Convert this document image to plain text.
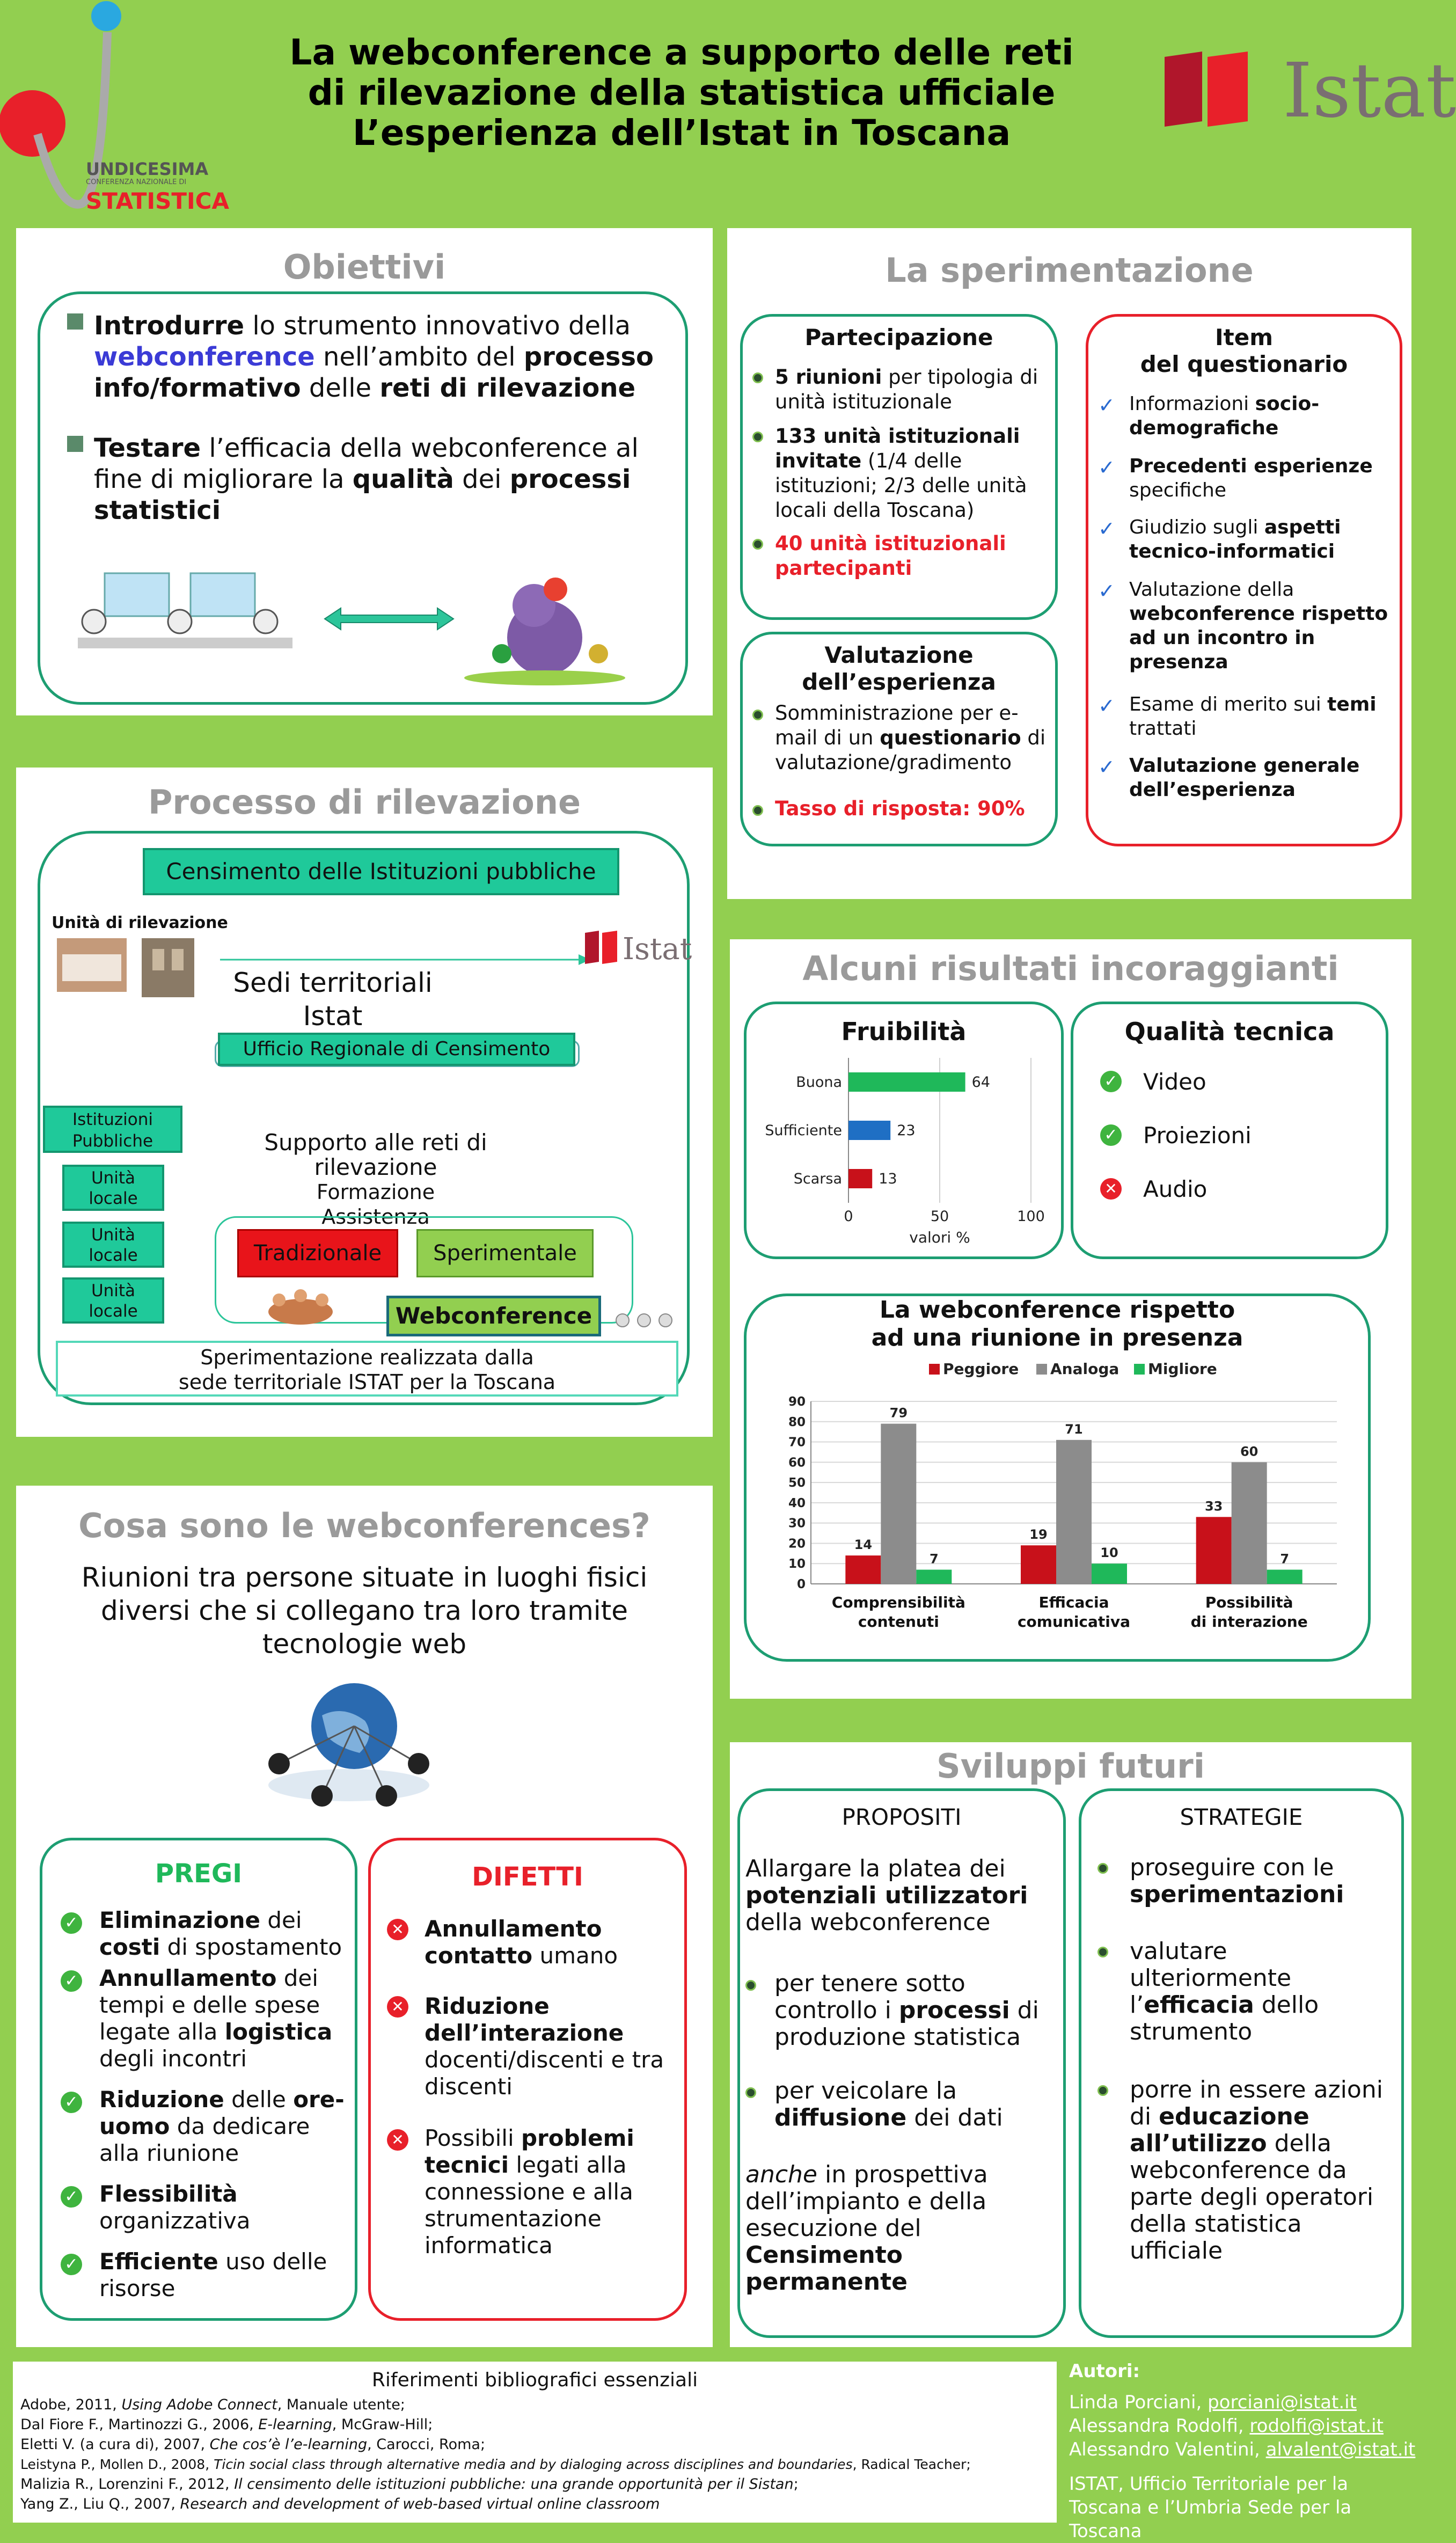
UNDICESIMA
CONFERENZA NAZIONALE DI
STATISTICA
La webconference a supporto delle reti
di rilevazione della statistica ufficiale
L’esperienza dell’Istat in Toscana	Istat
Obiettivi
Introdurre lo strumento innovativo della webconference nell’ambito del processo info/formativo delle reti di rilevazione
Testare l’efficacia della webconference al fine di migliorare la qualità dei processi statistici
La sperimentazione
Partecipazione
5 riunioni per tipologia di unità istituzionale
133 unità istituzionali invitate (1/4 delle istituzioni; 2/3 delle unità locali della Toscana)
40 unità istituzionali partecipanti
Valutazione
dell’esperienza
Somministrazione per e-mail di un questionario di valutazione/gradimento
Tasso di risposta: 90%
Item
del questionario
✓ Informazioni socio-demografiche
✓ Precedenti esperienze specifiche
✓ Giudizio sugli aspetti tecnico-informatici
✓ Valutazione della webconference rispetto ad un incontro in presenza
✓ Esame di merito sui temi trattati
✓ Valutazione generale dell’esperienza
Processo di rilevazione
Censimento delle Istituzioni pubbliche
Unità di rilevazione
Istat
Sedi territoriali
Istat
Ufficio Regionale di Censimento
Istituzioni Pubbliche
Unità locale
Unità locale
Unità locale
Supporto alle reti di rilevazione
Formazione
Assistenza
Tradizionale	Sperimentale
Webconference
Sperimentazione realizzata dalla
sede territoriale ISTAT per la Toscana
Alcuni risultati incoraggianti
Fruibilità
0	50	100
Buona	64
Sufficiente	23
Scarsa	13
valori %
Qualità tecnica
✓ Video
✓ Proiezioni
✕ Audio
La webconference rispetto
ad una riunione in presenza
Peggiore Analoga Migliore
0
10
20
30
40
50
60
70
80
90
14
79
7
Comprensibilità
contenuti
19
71
10
Efficacia
comunicativa
33
60
7
Possibilità
di interazione
Cosa sono le webconferences?
Riunioni tra persone situate in luoghi fisici
diversi che si collegano tra loro tramite
tecnologie web
PREGI
✓ Eliminazione dei costi di spostamento
✓ Annullamento dei tempi e delle spese legate alla logistica degli incontri
✓ Riduzione delle ore-uomo da dedicare alla riunione
✓ Flessibilità organizzativa
✓ Efficiente uso delle risorse
DIFETTI
✕ Annullamento contatto umano
✕ Riduzione dell’interazione docenti/discenti e tra discenti
✕ Possibili problemi tecnici legati alla connessione e alla strumentazione informatica
Sviluppi futuri
PROPOSITI
Allargare la platea dei potenziali utilizzatori della webconference
per tenere sotto controllo i processi di produzione statistica
per veicolare la diffusione dei dati
anche in prospettiva dell’impianto e della esecuzione del Censimento permanente
STRATEGIE
proseguire con le sperimentazioni
valutare ulteriormente l’efficacia dello strumento
porre in essere azioni di educazione all’utilizzo della webconference da parte degli operatori della statistica ufficiale
Riferimenti bibliografici essenziali
Adobe, 2011, Using Adobe Connect, Manuale utente;
Dal Fiore F., Martinozzi G., 2006, E-learning, McGraw-Hill;
Eletti V. (a cura di), 2007, Che cos’è l’e-learning, Carocci, Roma;
Leistyna P., Mollen D., 2008, Ticin social class through alternative media and by dialoging across disciplines and boundaries, Radical Teacher;
Malizia R., Lorenzini F., 2012, Il censimento delle istituzioni pubbliche: una grande opportunità per il Sistan;
Yang Z., Liu Q., 2007, Research and development of web-based virtual online classroom
Autori:
Linda Porciani, porciani@istat.it
Alessandra Rodolfi, rodolfi@istat.it
Alessandro Valentini, alvalent@istat.it
ISTAT, Ufficio Territoriale per la
Toscana e l’Umbria Sede per la Toscana
